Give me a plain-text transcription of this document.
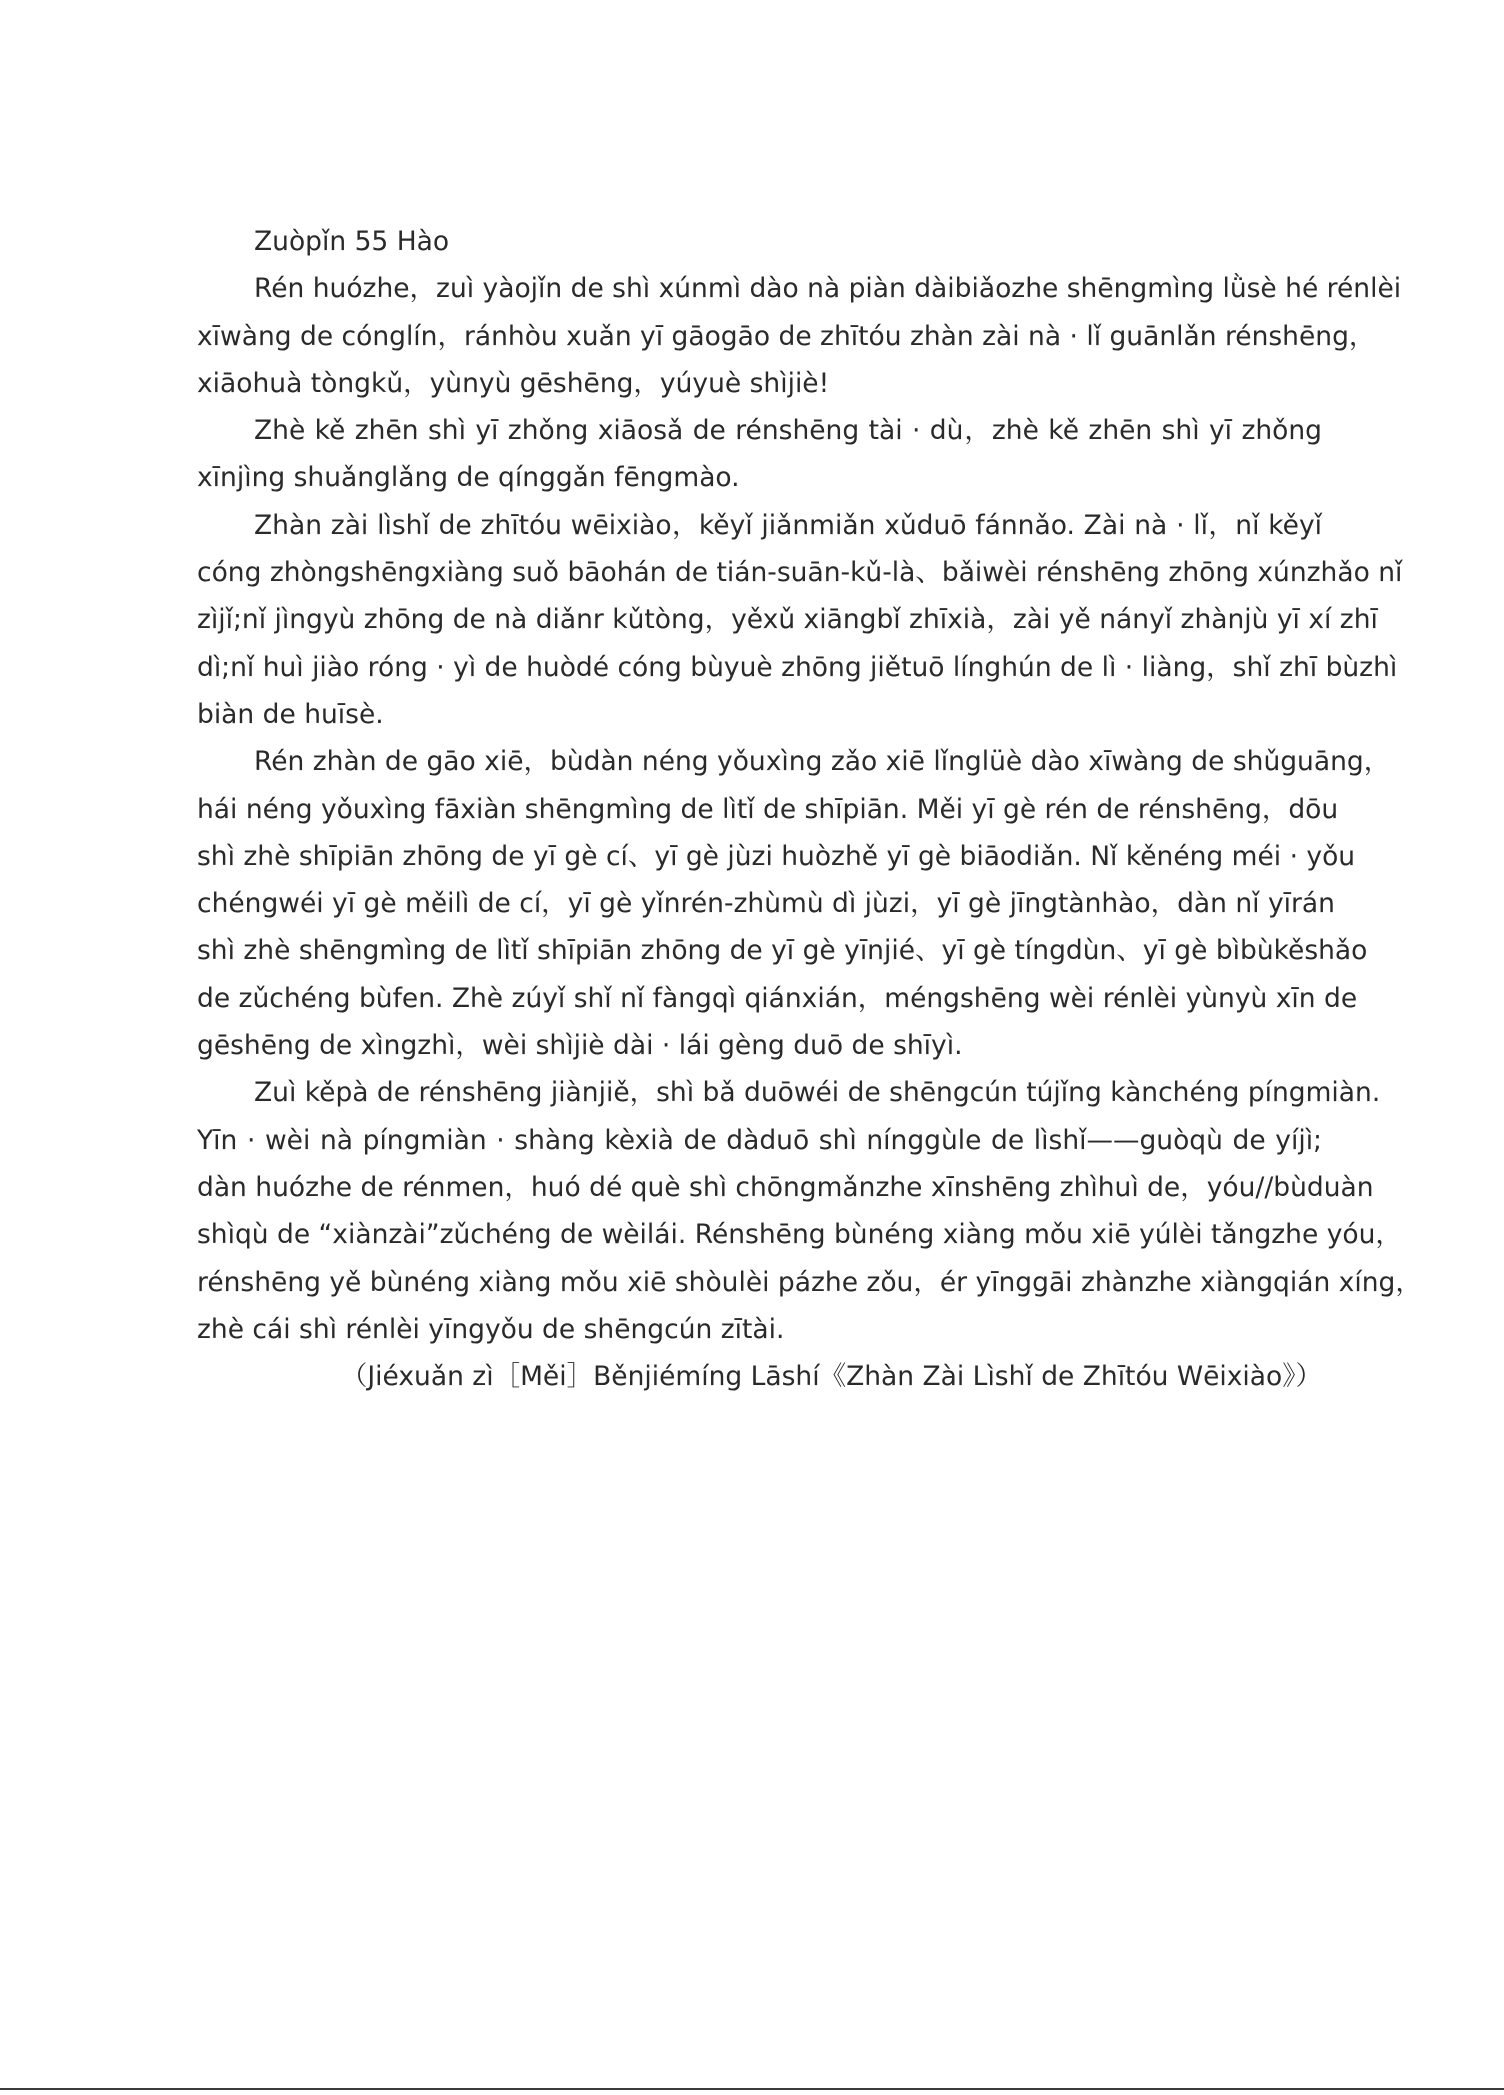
Zuòpǐn 55 Hào
Rén huózhe，zuì yàojǐn de shì xúnmì dào nà piàn dàibiǎozhe shēngmìng lǜsè hé rénlèi
xīwàng de cónglín，ránhòu xuǎn yī gāogāo de zhītóu zhàn zài nà · lǐ guānlǎn rénshēng，
xiāohuà tòngkǔ，yùnyù gēshēng，yúyuè shìjiè!
Zhè kě zhēn shì yī zhǒng xiāosǎ de rénshēng tài · dù，zhè kě zhēn shì yī zhǒng
xīnjìng shuǎnglǎng de qínggǎn fēngmào.
Zhàn zài lìshǐ de zhītóu wēixiào，kěyǐ jiǎnmiǎn xǔduō fánnǎo. Zài nà · lǐ，nǐ kěyǐ
cóng zhòngshēngxiàng suǒ bāohán de tián-suān-kǔ-là、bǎiwèi rénshēng zhōng xúnzhǎo nǐ
zìjǐ;nǐ jìngyù zhōng de nà diǎnr kǔtòng，yěxǔ xiāngbǐ zhīxià，zài yě nányǐ zhànjù yī xí zhī
dì;nǐ huì jiào róng · yì de huòdé cóng bùyuè zhōng jiětuō línghún de lì · liàng，shǐ zhī bùzhì
biàn de huīsè.
Rén zhàn de gāo xiē，bùdàn néng yǒuxìng zǎo xiē lǐnglüè dào xīwàng de shǔguāng，
hái néng yǒuxìng fāxiàn shēngmìng de lìtǐ de shīpiān. Měi yī gè rén de rénshēng，dōu
shì zhè shīpiān zhōng de yī gè cí、yī gè jùzi huòzhě yī gè biāodiǎn. Nǐ kěnéng méi · yǒu
chéngwéi yī gè měilì de cí，yī gè yǐnrén-zhùmù dì jùzi，yī gè jīngtànhào，dàn nǐ yīrán
shì zhè shēngmìng de lìtǐ shīpiān zhōng de yī gè yīnjié、yī gè tíngdùn、yī gè bìbùkěshǎo
de zǔchéng bùfen. Zhè zúyǐ shǐ nǐ fàngqì qiánxián，méngshēng wèi rénlèi yùnyù xīn de
gēshēng de xìngzhì，wèi shìjiè dài · lái gèng duō de shīyì.
Zuì kěpà de rénshēng jiànjiě，shì bǎ duōwéi de shēngcún tújǐng kànchéng píngmiàn.
Yīn · wèi nà píngmiàn · shàng kèxià de dàduō shì nínggùle de lìshǐ——guòqù de yíjì;
dàn huózhe de rénmen，huó dé què shì chōngmǎnzhe xīnshēng zhìhuì de，yóu//bùduàn
shìqù de “xiànzài”zǔchéng de wèilái. Rénshēng bùnéng xiàng mǒu xiē yúlèi tǎngzhe yóu，
rénshēng yě bùnéng xiàng mǒu xiē shòulèi pázhe zǒu，ér yīnggāi zhànzhe xiàngqián xíng，
zhè cái shì rénlèi yīngyǒu de shēngcún zītài.
（Jiéxuǎn zì［Měi］Běnjiémíng Lāshí《Zhàn Zài Lìshǐ de Zhītóu Wēixiào》）
